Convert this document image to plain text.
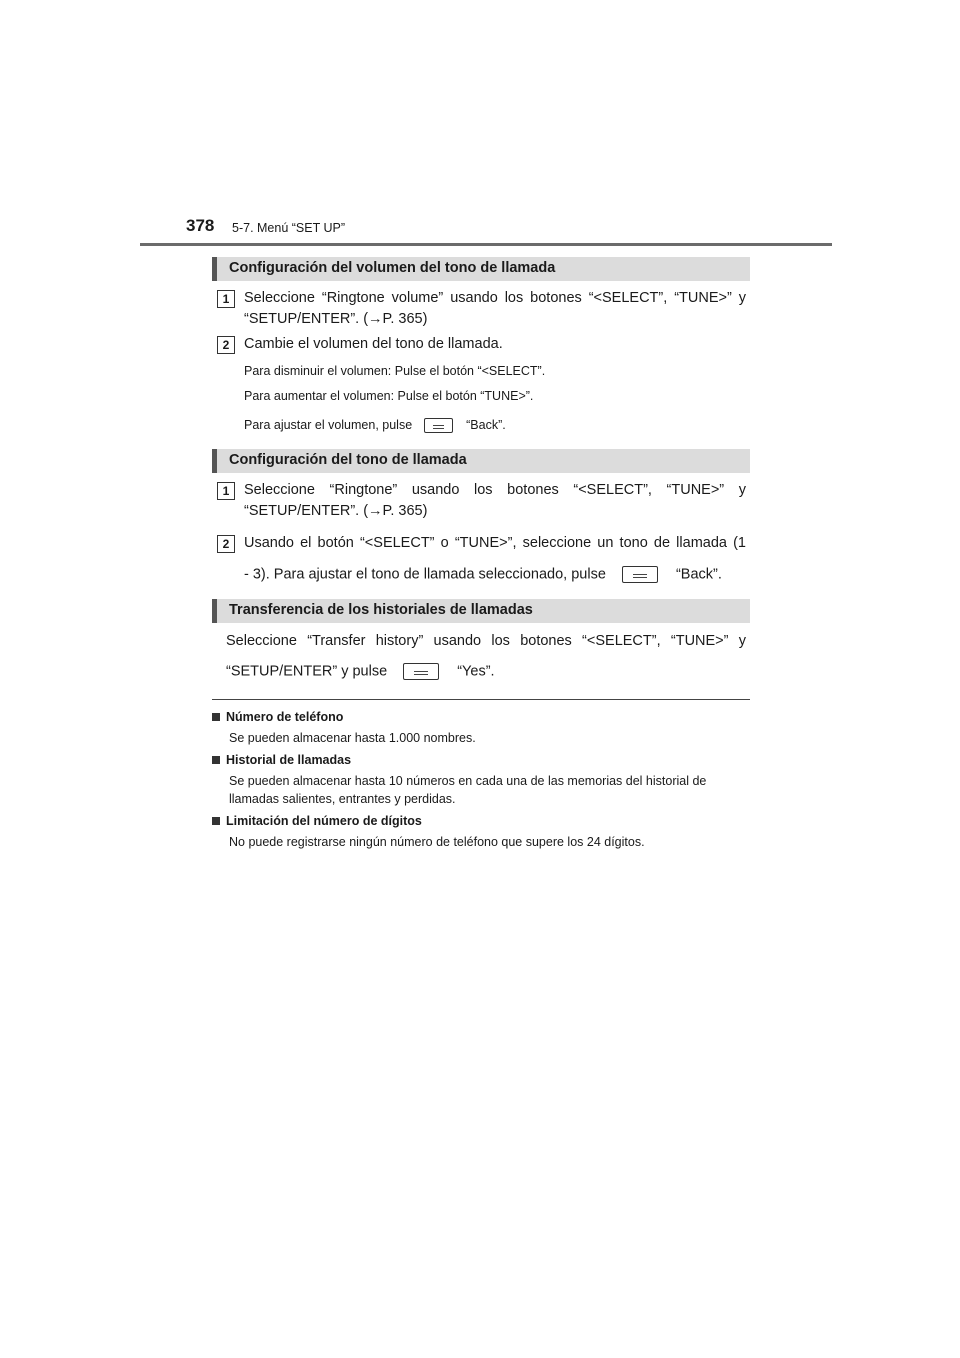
378 5-7. Menú “SET UP”
Configuración del volumen del tono de llamada
1	Seleccione “Ringtone volume” usando los botones “<SELECT”, “TUNE>” y
“SETUP/ENTER”. (→P. 365)
2	Cambie el volumen del tono de llamada.
Para disminuir el volumen: Pulse el botón “<SELECT”.
Para aumentar el volumen: Pulse el botón “TUNE>”.
Para ajustar el volumen, pulse	“Back”.
Configuración del tono de llamada
1	Seleccione “Ringtone” usando los botones “<SELECT”, “TUNE>” y
“SETUP/ENTER”. (→P. 365)
2	Usando el botón “<SELECT” o “TUNE>”, seleccione un tono de llamada (1
- 3). Para ajustar el tono de llamada seleccionado, pulse	“Back”.
Transferencia de los historiales de llamadas
Seleccione “Transfer history” usando los botones “<SELECT”, “TUNE>” y
“SETUP/ENTER” y pulse	“Yes”.
Número de teléfono
Se pueden almacenar hasta 1.000 nombres.
Historial de llamadas
Se pueden almacenar hasta 10 números en cada una de las memorias del historial de
llamadas salientes, entrantes y perdidas.
Limitación del número de dígitos
No puede registrarse ningún número de teléfono que supere los 24 dígitos.
